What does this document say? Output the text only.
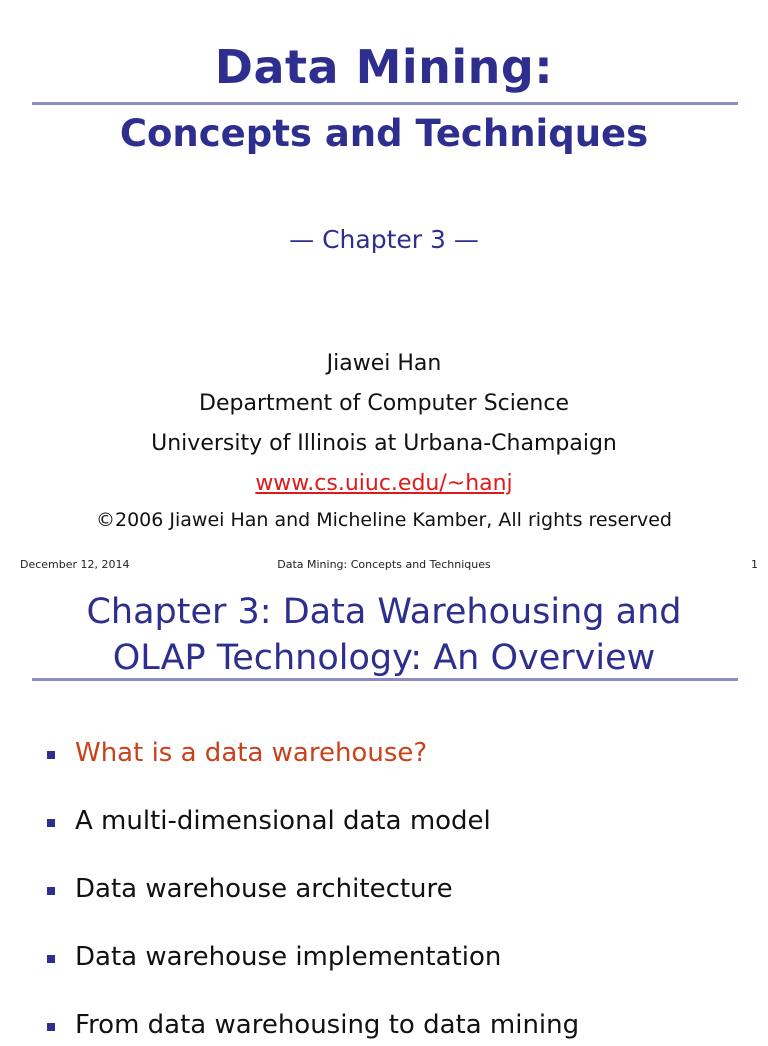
Data Mining:
Concepts and Techniques
— Chapter 3 —
Jiawei Han
Department of Computer Science
University of Illinois at Urbana-Champaign
www.cs.uiuc.edu/~hanj
©2006 Jiawei Han and Micheline Kamber, All rights reserved
December 12, 2014	Data Mining: Concepts and Techniques	1
Chapter 3: Data Warehousing and
OLAP Technology: An Overview
What is a data warehouse?
A multi-dimensional data model
Data warehouse architecture
Data warehouse implementation
From data warehousing to data mining
